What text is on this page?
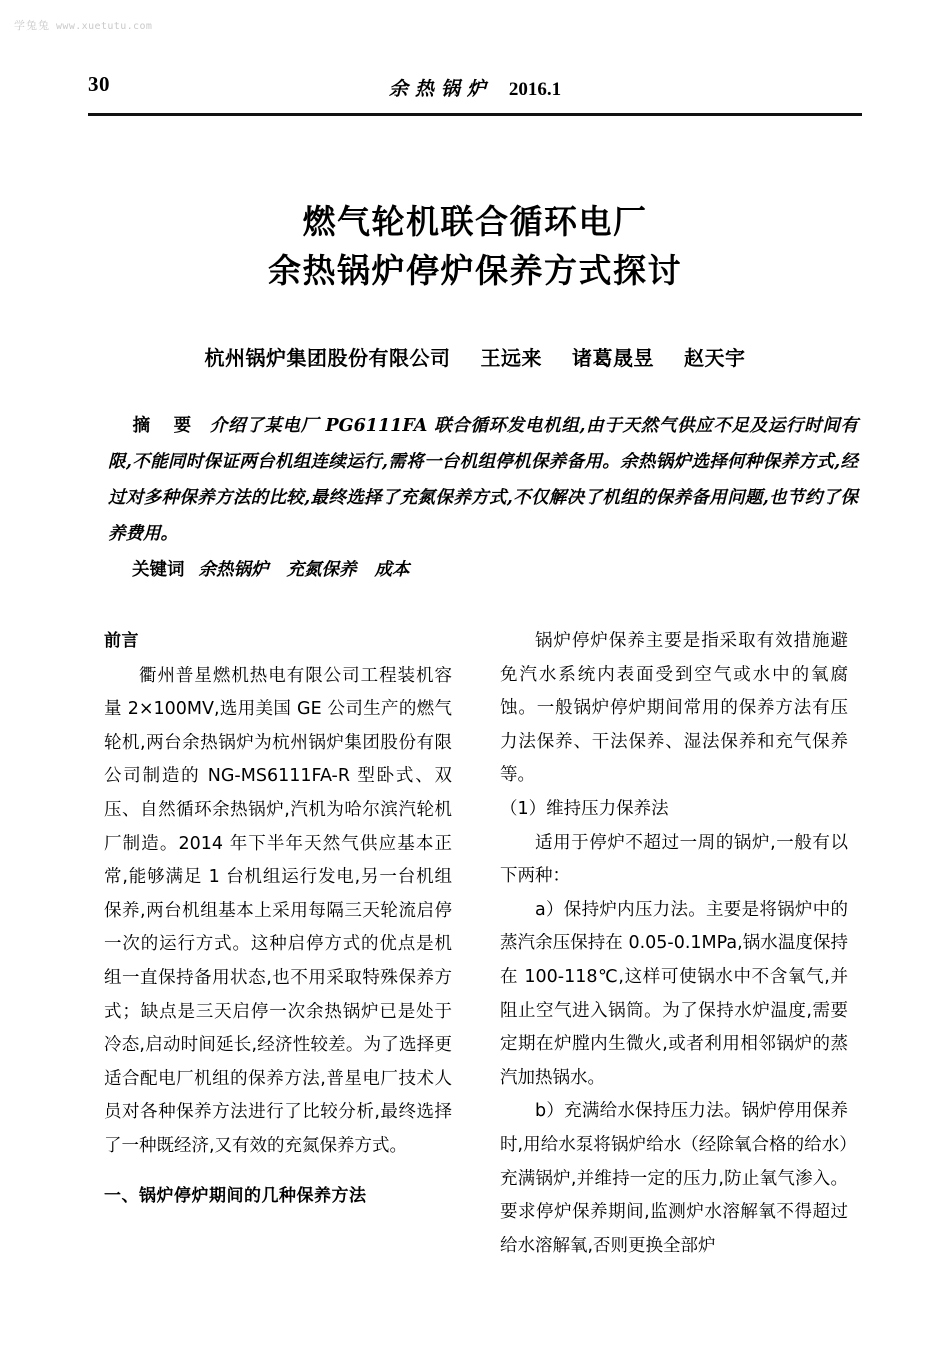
学兔兔 www.xuetutu.com
30	余热锅炉 2016.1
燃气轮机联合循环电厂
余热锅炉停炉保养方式探讨
杭州锅炉集团股份有限公司 王远来 诸葛晟昱 赵天宇
摘 要 介绍了某电厂 PG6111FA 联合循环发电机组,由于天然气供应不足及运行时间有限,不能同时保证两台机组连续运行,需将一台机组停机保养备用。余热锅炉选择何种保养方式,经过对多种保养方法的比较,最终选择了充氮保养方式,不仅解决了机组的保养备用问题,也节约了保养费用。
关键词 余热锅炉 充氮保养 成本
前言

衢州普星燃机热电有限公司工程装机容量 2×100MV,选用美国 GE 公司生产的燃气轮机,两台余热锅炉为杭州锅炉集团股份有限公司制造的 NG-MS6111FA-R 型卧式、双压、自然循环余热锅炉,汽机为哈尔滨汽轮机厂制造。2014 年下半年天然气供应基本正常,能够满足 1 台机组运行发电,另一台机组保养,两台机组基本上采用每隔三天轮流启停一次的运行方式。这种启停方式的优点是机组一直保持备用状态,也不用采取特殊保养方式；缺点是三天启停一次余热锅炉已是处于冷态,启动时间延长,经济性较差。为了选择更适合配电厂机组的保养方法,普星电厂技术人员对各种保养方法进行了比较分析,最终选择了一种既经济,又有效的充氮保养方式。

一、锅炉停炉期间的几种保养方法

锅炉停炉保养主要是指采取有效措施避免汽水系统内表面受到空气或水中的氧腐蚀。一般锅炉停炉期间常用的保养方法有压力法保养、干法保养、湿法保养和充气保养等。

（1）维持压力保养法

适用于停炉不超过一周的锅炉,一般有以下两种：

a）保持炉内压力法。主要是将锅炉中的蒸汽余压保持在 0.05-0.1MPa,锅水温度保持在 100-118℃,这样可使锅水中不含氧气,并阻止空气进入锅筒。为了保持水炉温度,需要定期在炉膛内生微火,或者利用相邻锅炉的蒸汽加热锅水。

b）充满给水保持压力法。锅炉停用保养时,用给水泵将锅炉给水（经除氧合格的给水）充满锅炉,并维持一定的压力,防止氧气渗入。要求停炉保养期间,监测炉水溶解氧不得超过给水溶解氧,否则更换全部炉
